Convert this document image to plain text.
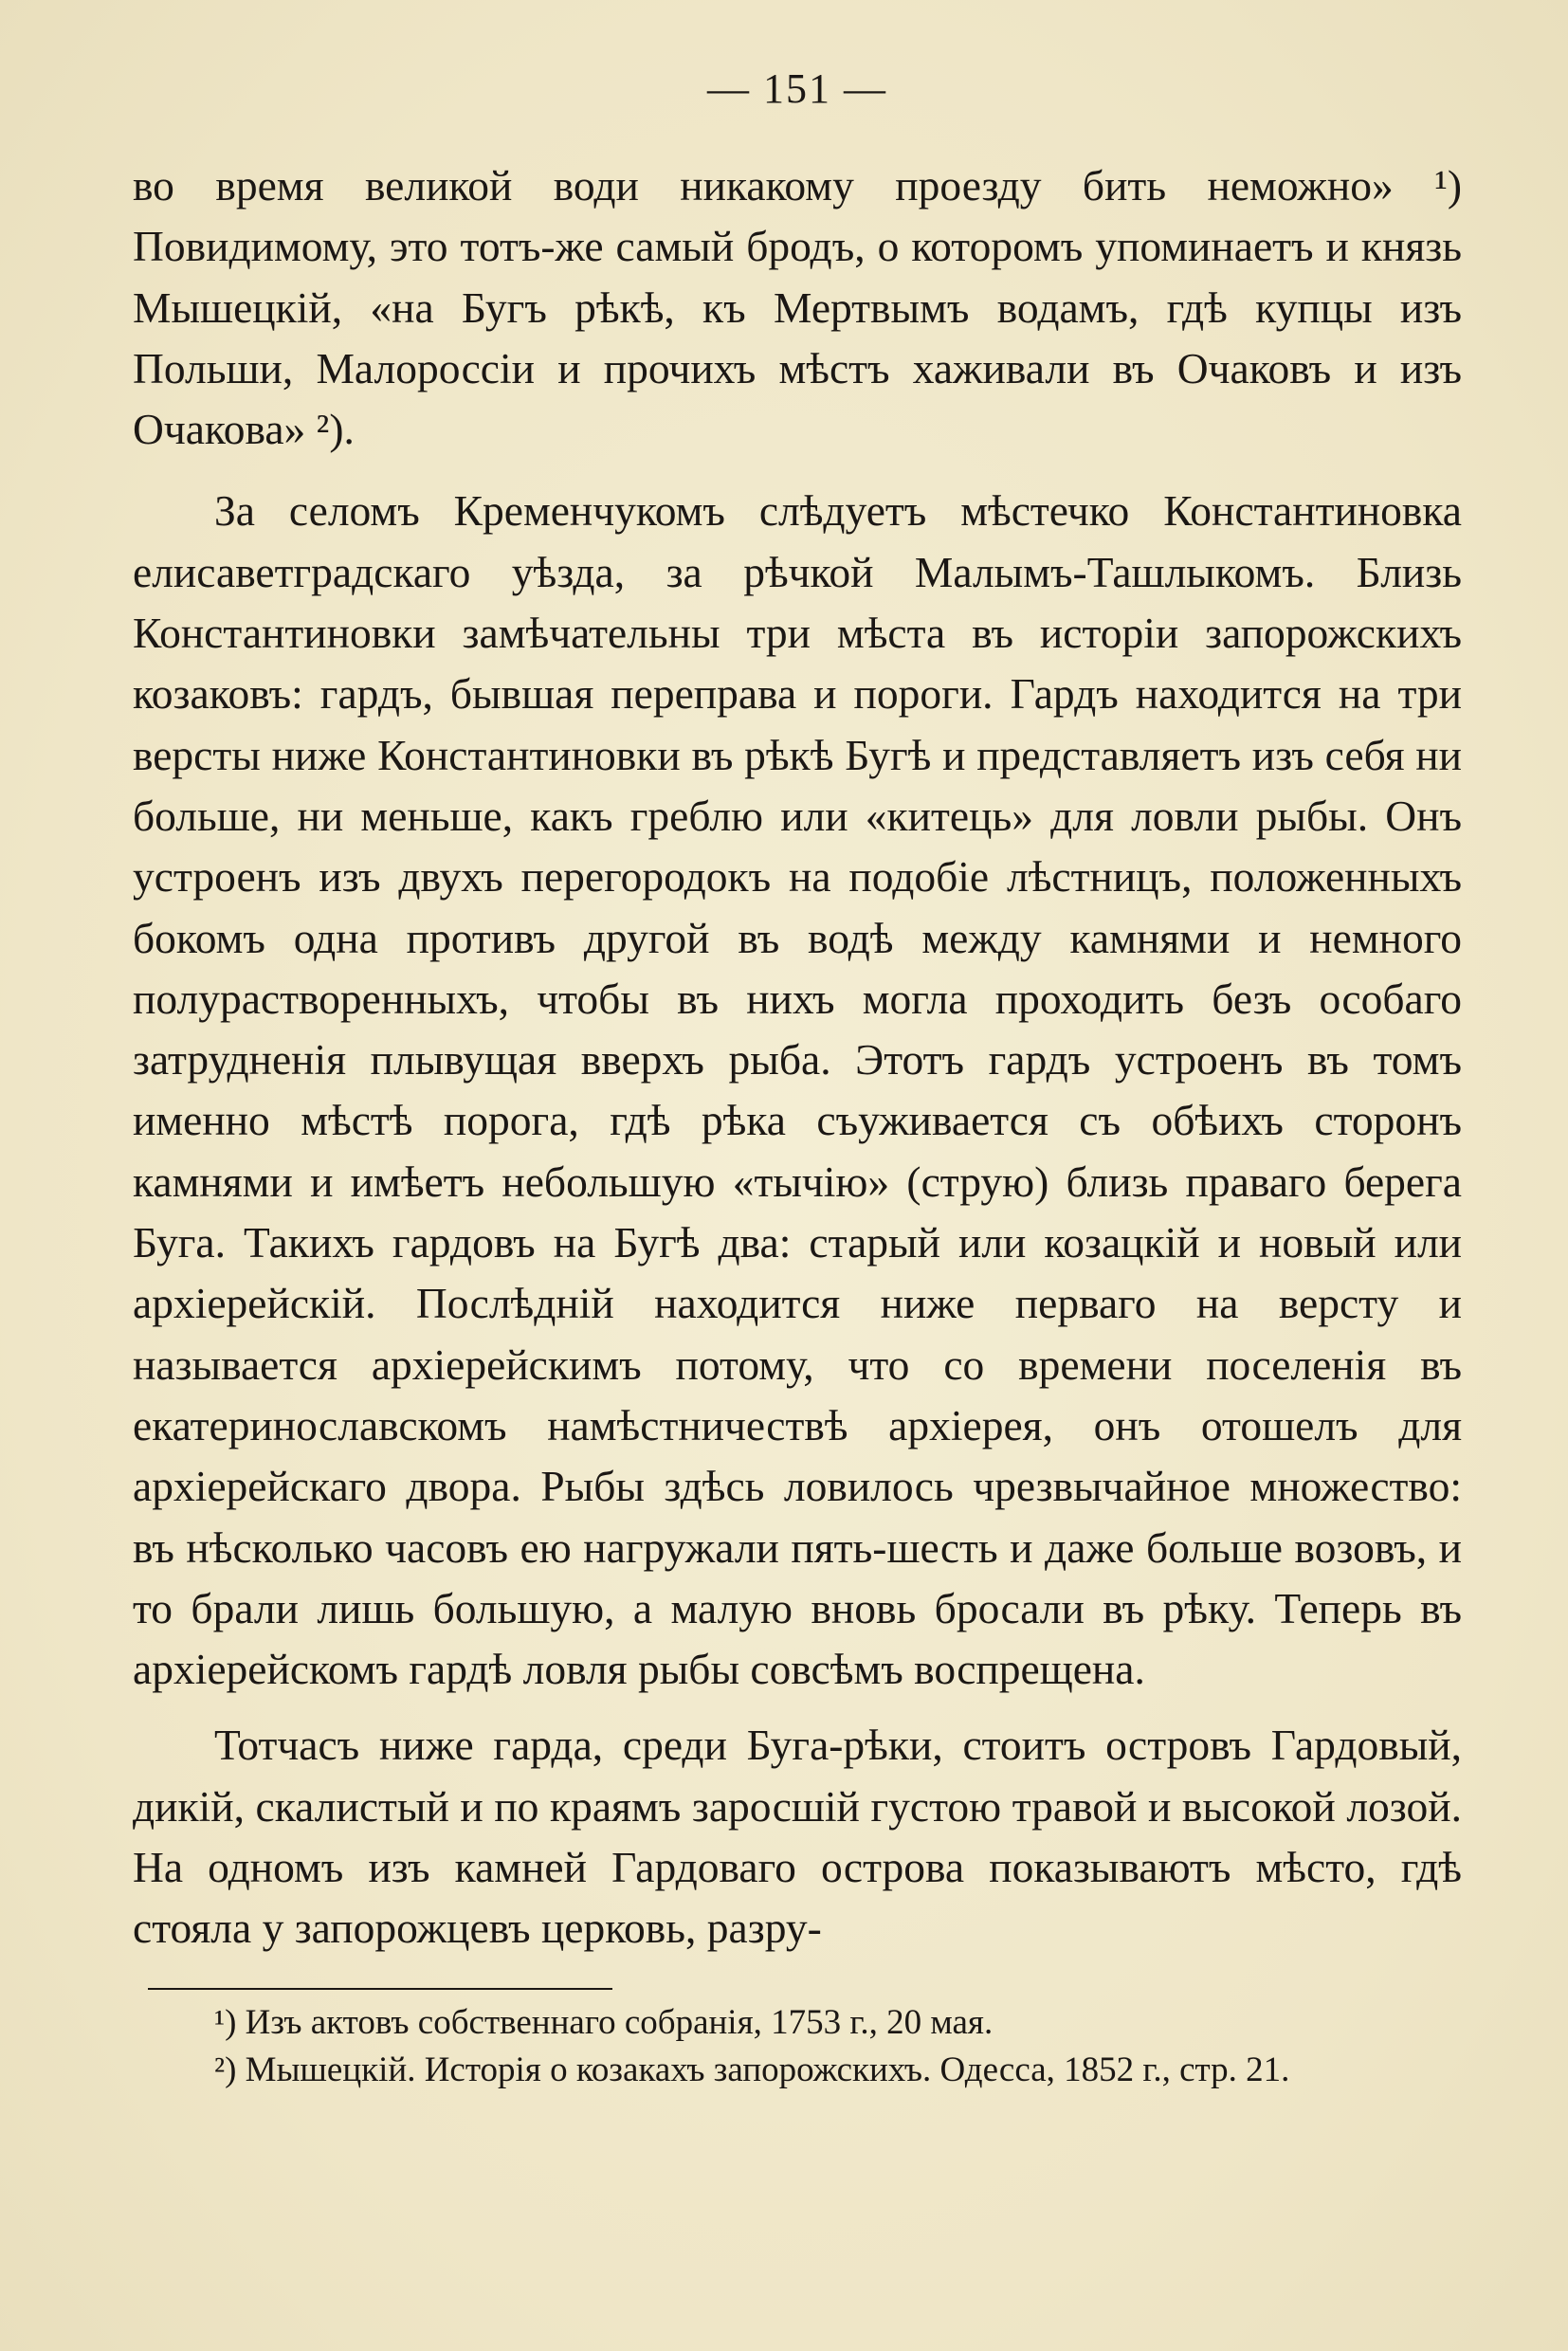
— 151 —

во время великой води никакому проезду бить неможно» ¹) Повидимому, это тотъ-же самый бродъ, о которомъ упоминаетъ и князь Мышецкій, «на Бугъ рѣкѣ, къ Мертвымъ водамъ, гдѣ купцы изъ Польши, Малороссіи и прочихъ мѣстъ хаживали въ Очаковъ и изъ Очакова» ²).

За селомъ Кременчукомъ слѣдуетъ мѣстечко Константиновка елисаветградскаго уѣзда, за рѣчкой Малымъ-Ташлыкомъ. Близь Константиновки замѣчательны три мѣста въ исторіи запорожскихъ козаковъ: гардъ, бывшая переправа и пороги. Гардъ находится на три версты ниже Константиновки въ рѣкѣ Бугѣ и представляетъ изъ себя ни больше, ни меньше, какъ греблю или «китець» для ловли рыбы. Онъ устроенъ изъ двухъ перегородокъ на подобіе лѣстницъ, положенныхъ бокомъ одна противъ другой въ водѣ между камнями и немного полурастворенныхъ, чтобы въ нихъ могла проходить безъ особаго затрудненія плывущая вверхъ рыба. Этотъ гардъ устроенъ въ томъ именно мѣстѣ порога, гдѣ рѣка съуживается съ обѣихъ сторонъ камнями и имѣетъ небольшую «тычію» (струю) близь праваго берега Буга. Такихъ гардовъ на Бугѣ два: старый или козацкій и новый или архіерейскій. Послѣдній находится ниже перваго на версту и называется архіерейскимъ потому, что со времени поселенія въ екатеринославскомъ намѣстничествѣ архіерея, онъ отошелъ для архіерейскаго двора. Рыбы здѣсь ловилось чрезвычайное множество: въ нѣсколько часовъ ею нагружали пять-шесть и даже больше возовъ, и то брали лишь большую, а малую вновь бросали въ рѣку. Теперь въ архіерейскомъ гардѣ ловля рыбы совсѣмъ воспрещена.

Тотчасъ ниже гарда, среди Буга-рѣки, стоитъ островъ Гардовый, дикій, скалистый и по краямъ заросшій густою травой и высокой лозой. На одномъ изъ камней Гардоваго острова показываютъ мѣсто, гдѣ стояла у запорожцевъ церковь, разру-

¹) Изъ актовъ собственнаго собранія, 1753 г., 20 мая.

²) Мышецкій. Исторія о козакахъ запорожскихъ. Одесса, 1852 г., стр. 21.
